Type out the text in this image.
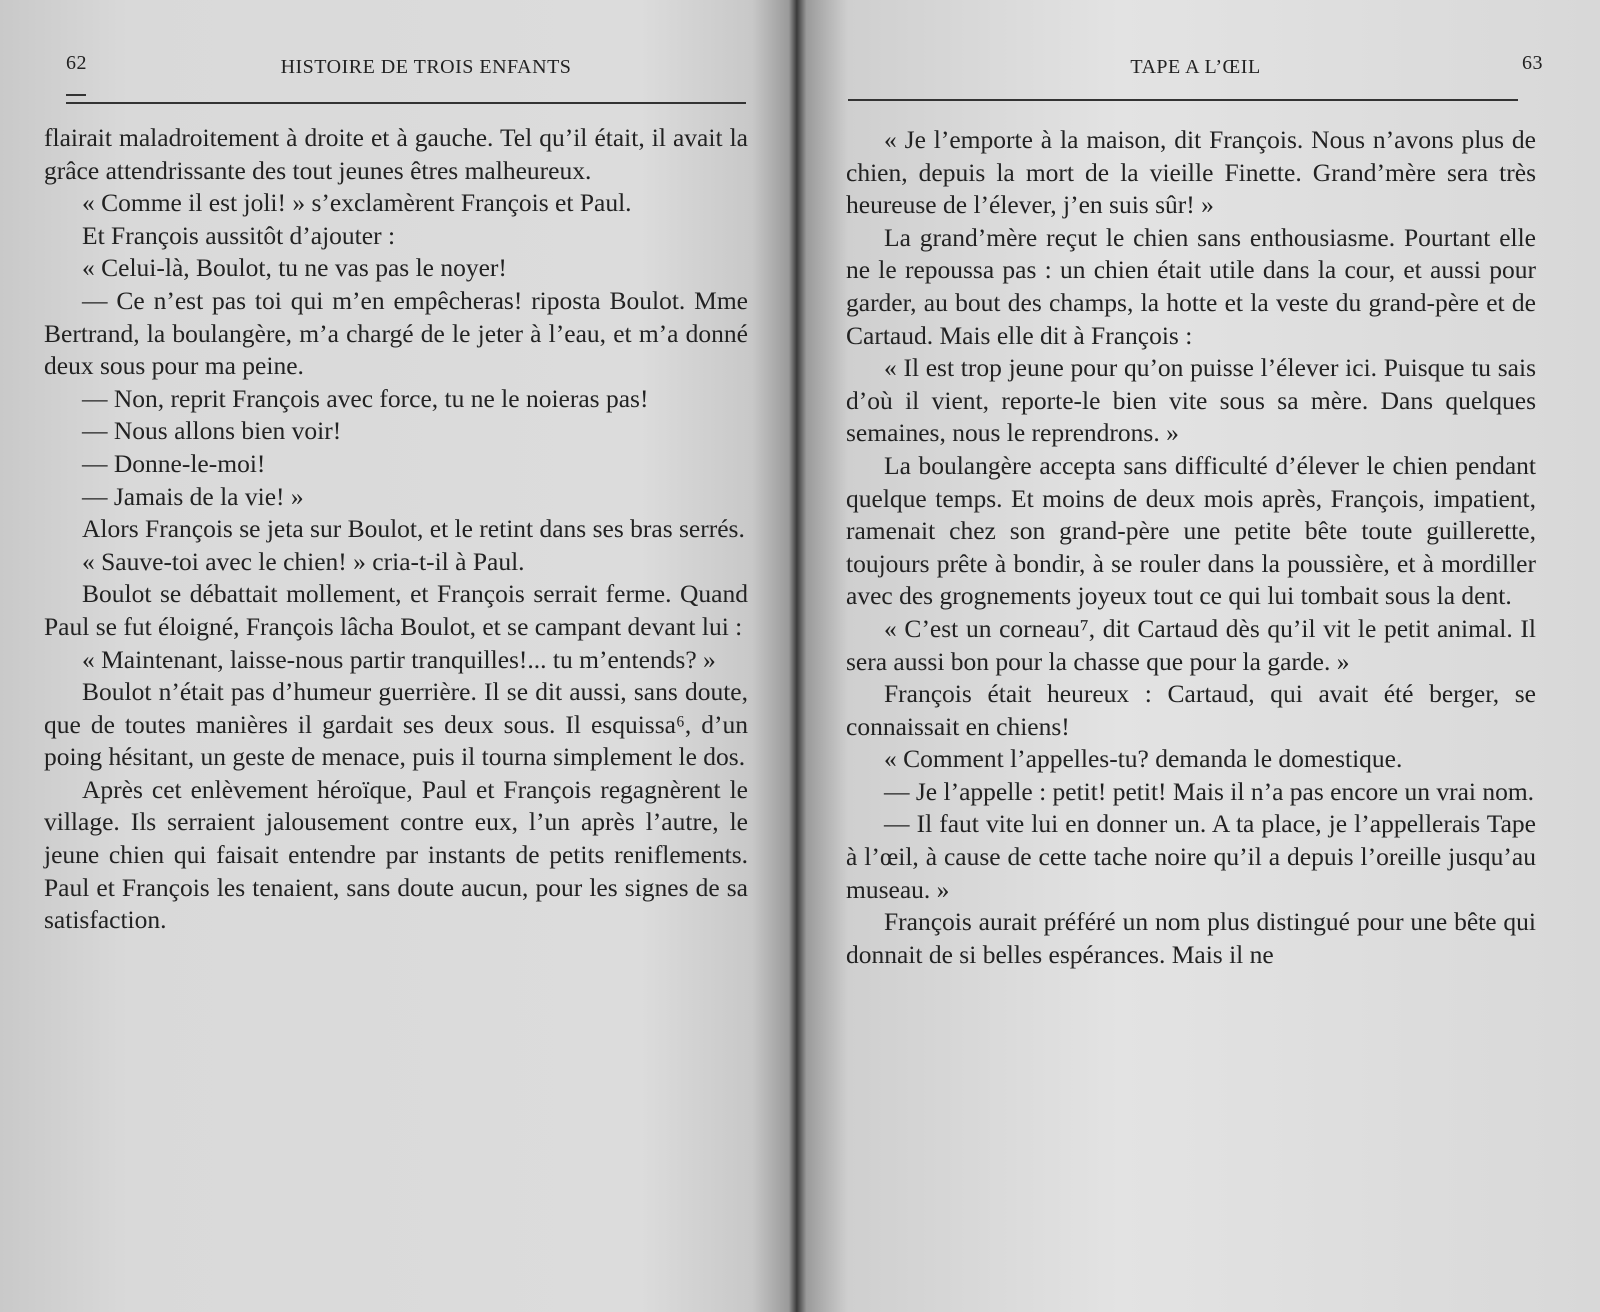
62	HISTOIRE DE TROIS ENFANTS

flairait maladroitement à droite et à gauche. Tel qu’il était, il avait la grâce attendrissante des tout jeunes êtres malheureux.

« Comme il est joli! » s’exclamèrent François et Paul.

Et François aussitôt d’ajouter :

« Celui-là, Boulot, tu ne vas pas le noyer!

— Ce n’est pas toi qui m’en empêcheras! riposta Boulot. Mme Bertrand, la boulangère, m’a chargé de le jeter à l’eau, et m’a donné deux sous pour ma peine.

— Non, reprit François avec force, tu ne le noieras pas!

— Nous allons bien voir!

— Donne-le-moi!

— Jamais de la vie! »

Alors François se jeta sur Boulot, et le retint dans ses bras serrés.

« Sauve-toi avec le chien! » cria-t-il à Paul.

Boulot se débattait mollement, et François serrait ferme. Quand Paul se fut éloigné, François lâcha Boulot, et se campant devant lui :

« Maintenant, laisse-nous partir tranquilles!... tu m’entends? »

Boulot n’était pas d’humeur guerrière. Il se dit aussi, sans doute, que de toutes manières il gardait ses deux sous. Il esquissa⁶, d’un poing hésitant, un geste de menace, puis il tourna simplement le dos.

Après cet enlèvement héroïque, Paul et François regagnèrent le village. Ils serraient jalousement contre eux, l’un après l’autre, le jeune chien qui faisait entendre par instants de petits reniflements. Paul et François les tenaient, sans doute aucun, pour les signes de sa satisfaction.

TAPE A L’ŒIL	63

« Je l’emporte à la maison, dit François. Nous n’avons plus de chien, depuis la mort de la vieille Finette. Grand’mère sera très heureuse de l’élever, j’en suis sûr! »

La grand’mère reçut le chien sans enthousiasme. Pourtant elle ne le repoussa pas : un chien était utile dans la cour, et aussi pour garder, au bout des champs, la hotte et la veste du grand-père et de Cartaud. Mais elle dit à François :

« Il est trop jeune pour qu’on puisse l’élever ici. Puisque tu sais d’où il vient, reporte-le bien vite sous sa mère. Dans quelques semaines, nous le reprendrons. »

La boulangère accepta sans difficulté d’élever le chien pendant quelque temps. Et moins de deux mois après, François, impatient, ramenait chez son grand-père une petite bête toute guillerette, toujours prête à bondir, à se rouler dans la poussière, et à mordiller avec des grognements joyeux tout ce qui lui tombait sous la dent.

« C’est un corneau⁷, dit Cartaud dès qu’il vit le petit animal. Il sera aussi bon pour la chasse que pour la garde. »

François était heureux : Cartaud, qui avait été berger, se connaissait en chiens!

« Comment l’appelles-tu? demanda le domestique.

— Je l’appelle : petit! petit! Mais il n’a pas encore un vrai nom.

— Il faut vite lui en donner un. A ta place, je l’appellerais Tape à l’œil, à cause de cette tache noire qu’il a depuis l’oreille jusqu’au museau. »

François aurait préféré un nom plus distingué pour une bête qui donnait de si belles espérances. Mais il ne
